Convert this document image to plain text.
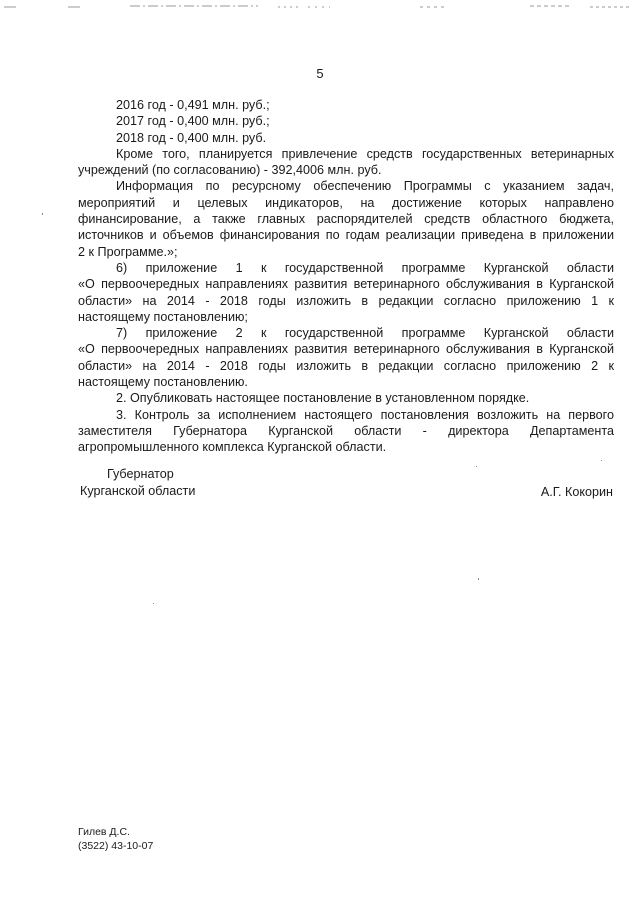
5
2016 год - 0,491 млн. руб.;
2017 год - 0,400 млн. руб.;
2018 год - 0,400 млн. руб.
Кроме того, планируется привлечение средств государственных ветеринарных
учреждений (по согласованию) - 392,4006 млн. руб.
Информация по ресурсному обеспечению Программы с указанием задач,
мероприятий и целевых индикаторов, на достижение которых направлено
финансирование, а также главных распорядителей средств областного бюджета,
источников и объемов финансирования по годам реализации приведена в приложении
2 к Программе.»;
6) приложение 1 к государственной программе Курганской области
«О первоочередных направлениях развития ветеринарного обслуживания в Курганской
области» на 2014 - 2018 годы изложить в редакции согласно приложению 1 к
настоящему постановлению;
7) приложение 2 к государственной программе Курганской области
«О первоочередных направлениях развития ветеринарного обслуживания в Курганской
области» на 2014 - 2018 годы изложить в редакции согласно приложению 2 к
настоящему постановлению.
2. Опубликовать настоящее постановление в установленном порядке.
3. Контроль за исполнением настоящего постановления возложить на первого
заместителя Губернатора Курганской области - директора Департамента
агропромышленного комплекса Курганской области.
Губернатор
Курганской области	А.Г. Кокорин
Гилев Д.С.
(3522) 43-10-07
